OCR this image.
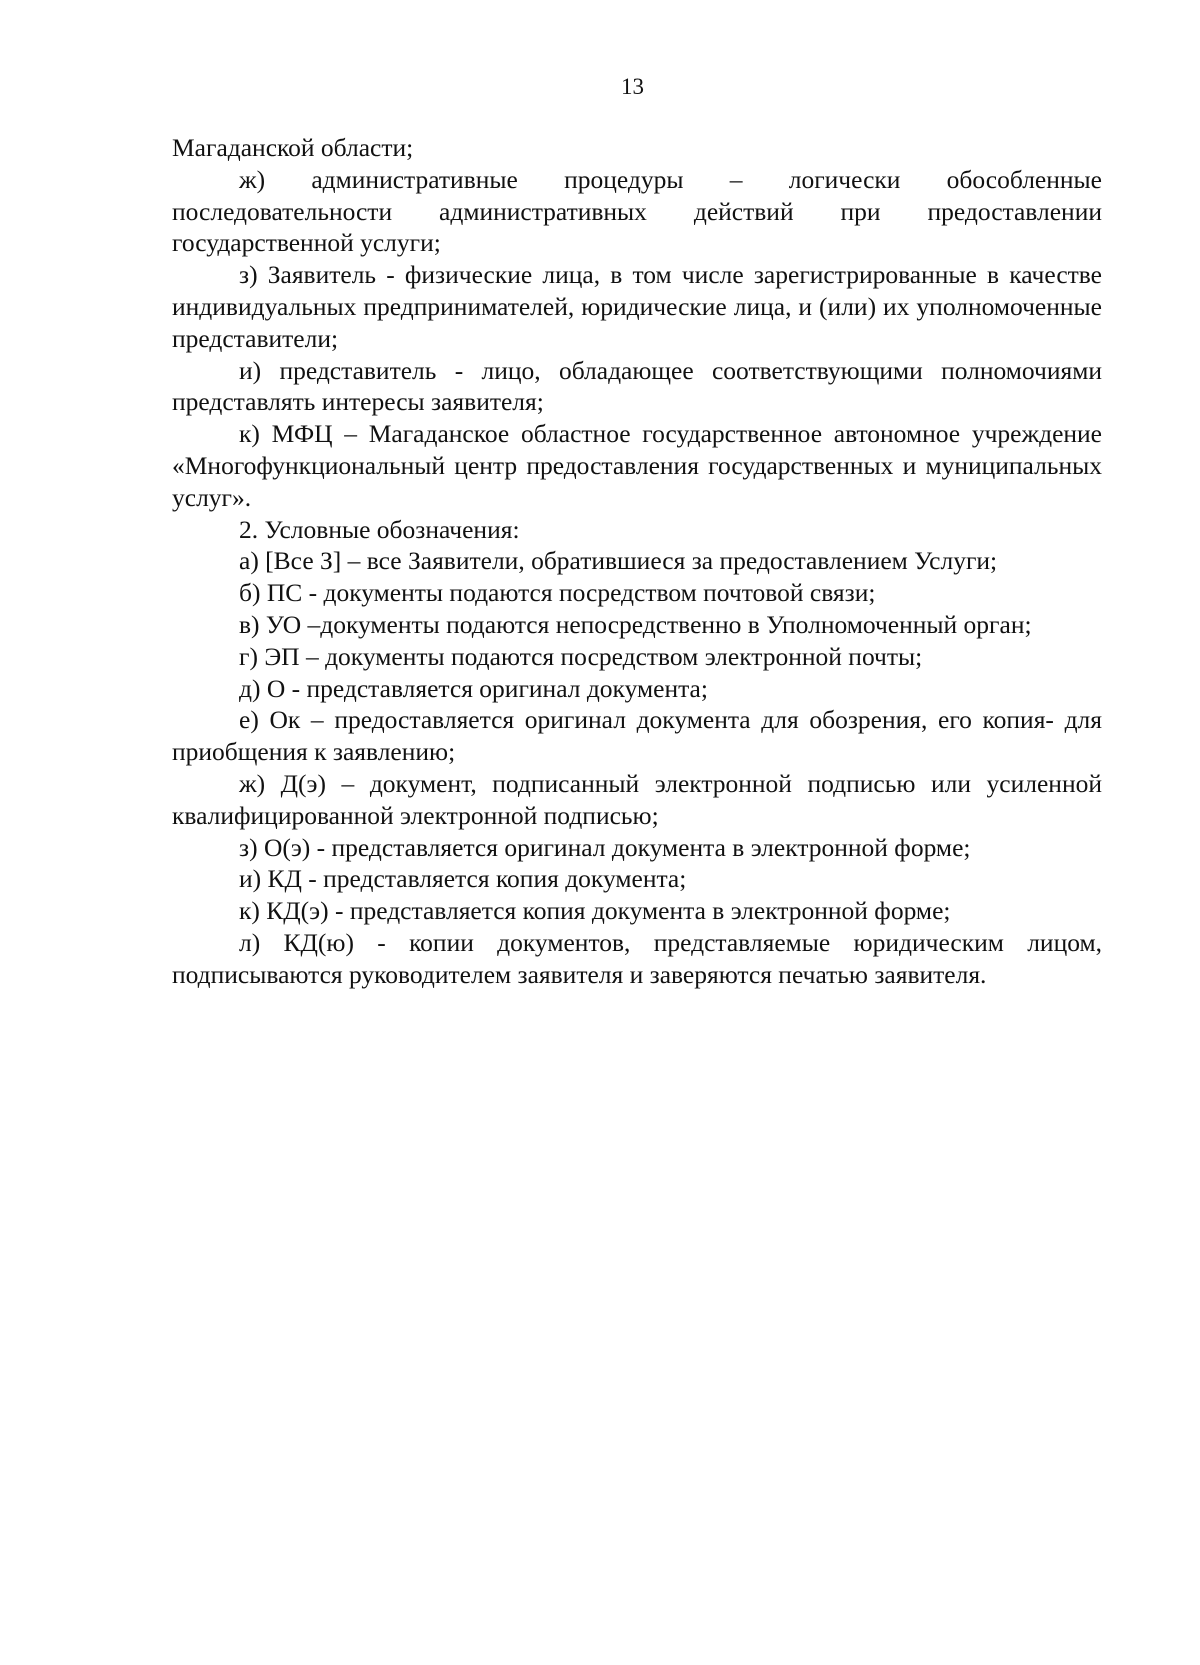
13

Магаданской области;

ж) административные процедуры – логически обособленные последовательности административных действий при предоставлении государственной услуги;

з) Заявитель - физические лица, в том числе зарегистрированные в качестве индивидуальных предпринимателей, юридические лица, и (или) их уполномоченные представители;

и) представитель - лицо, обладающее соответствующими полномочиями представлять интересы заявителя;

к) МФЦ – Магаданское областное государственное автономное учреждение «Многофункциональный центр предоставления государственных и муниципальных услуг».

2. Условные обозначения:

а) [Все З] – все Заявители, обратившиеся за предоставлением Услуги;

б) ПС - документы подаются посредством почтовой связи;

в) УО –документы подаются непосредственно в Уполномоченный орган;

г) ЭП – документы подаются посредством электронной почты;

д) О - представляется оригинал документа;

е) Ок – предоставляется оригинал документа для обозрения, его копия- для приобщения к заявлению;

ж) Д(э) – документ, подписанный электронной подписью или усиленной квалифицированной электронной подписью;

з) О(э) - представляется оригинал документа в электронной форме;

и) КД - представляется копия документа;

к) КД(э) - представляется копия документа в электронной форме;

л) КД(ю) - копии документов, представляемые юридическим лицом, подписываются руководителем заявителя и заверяются печатью заявителя.
